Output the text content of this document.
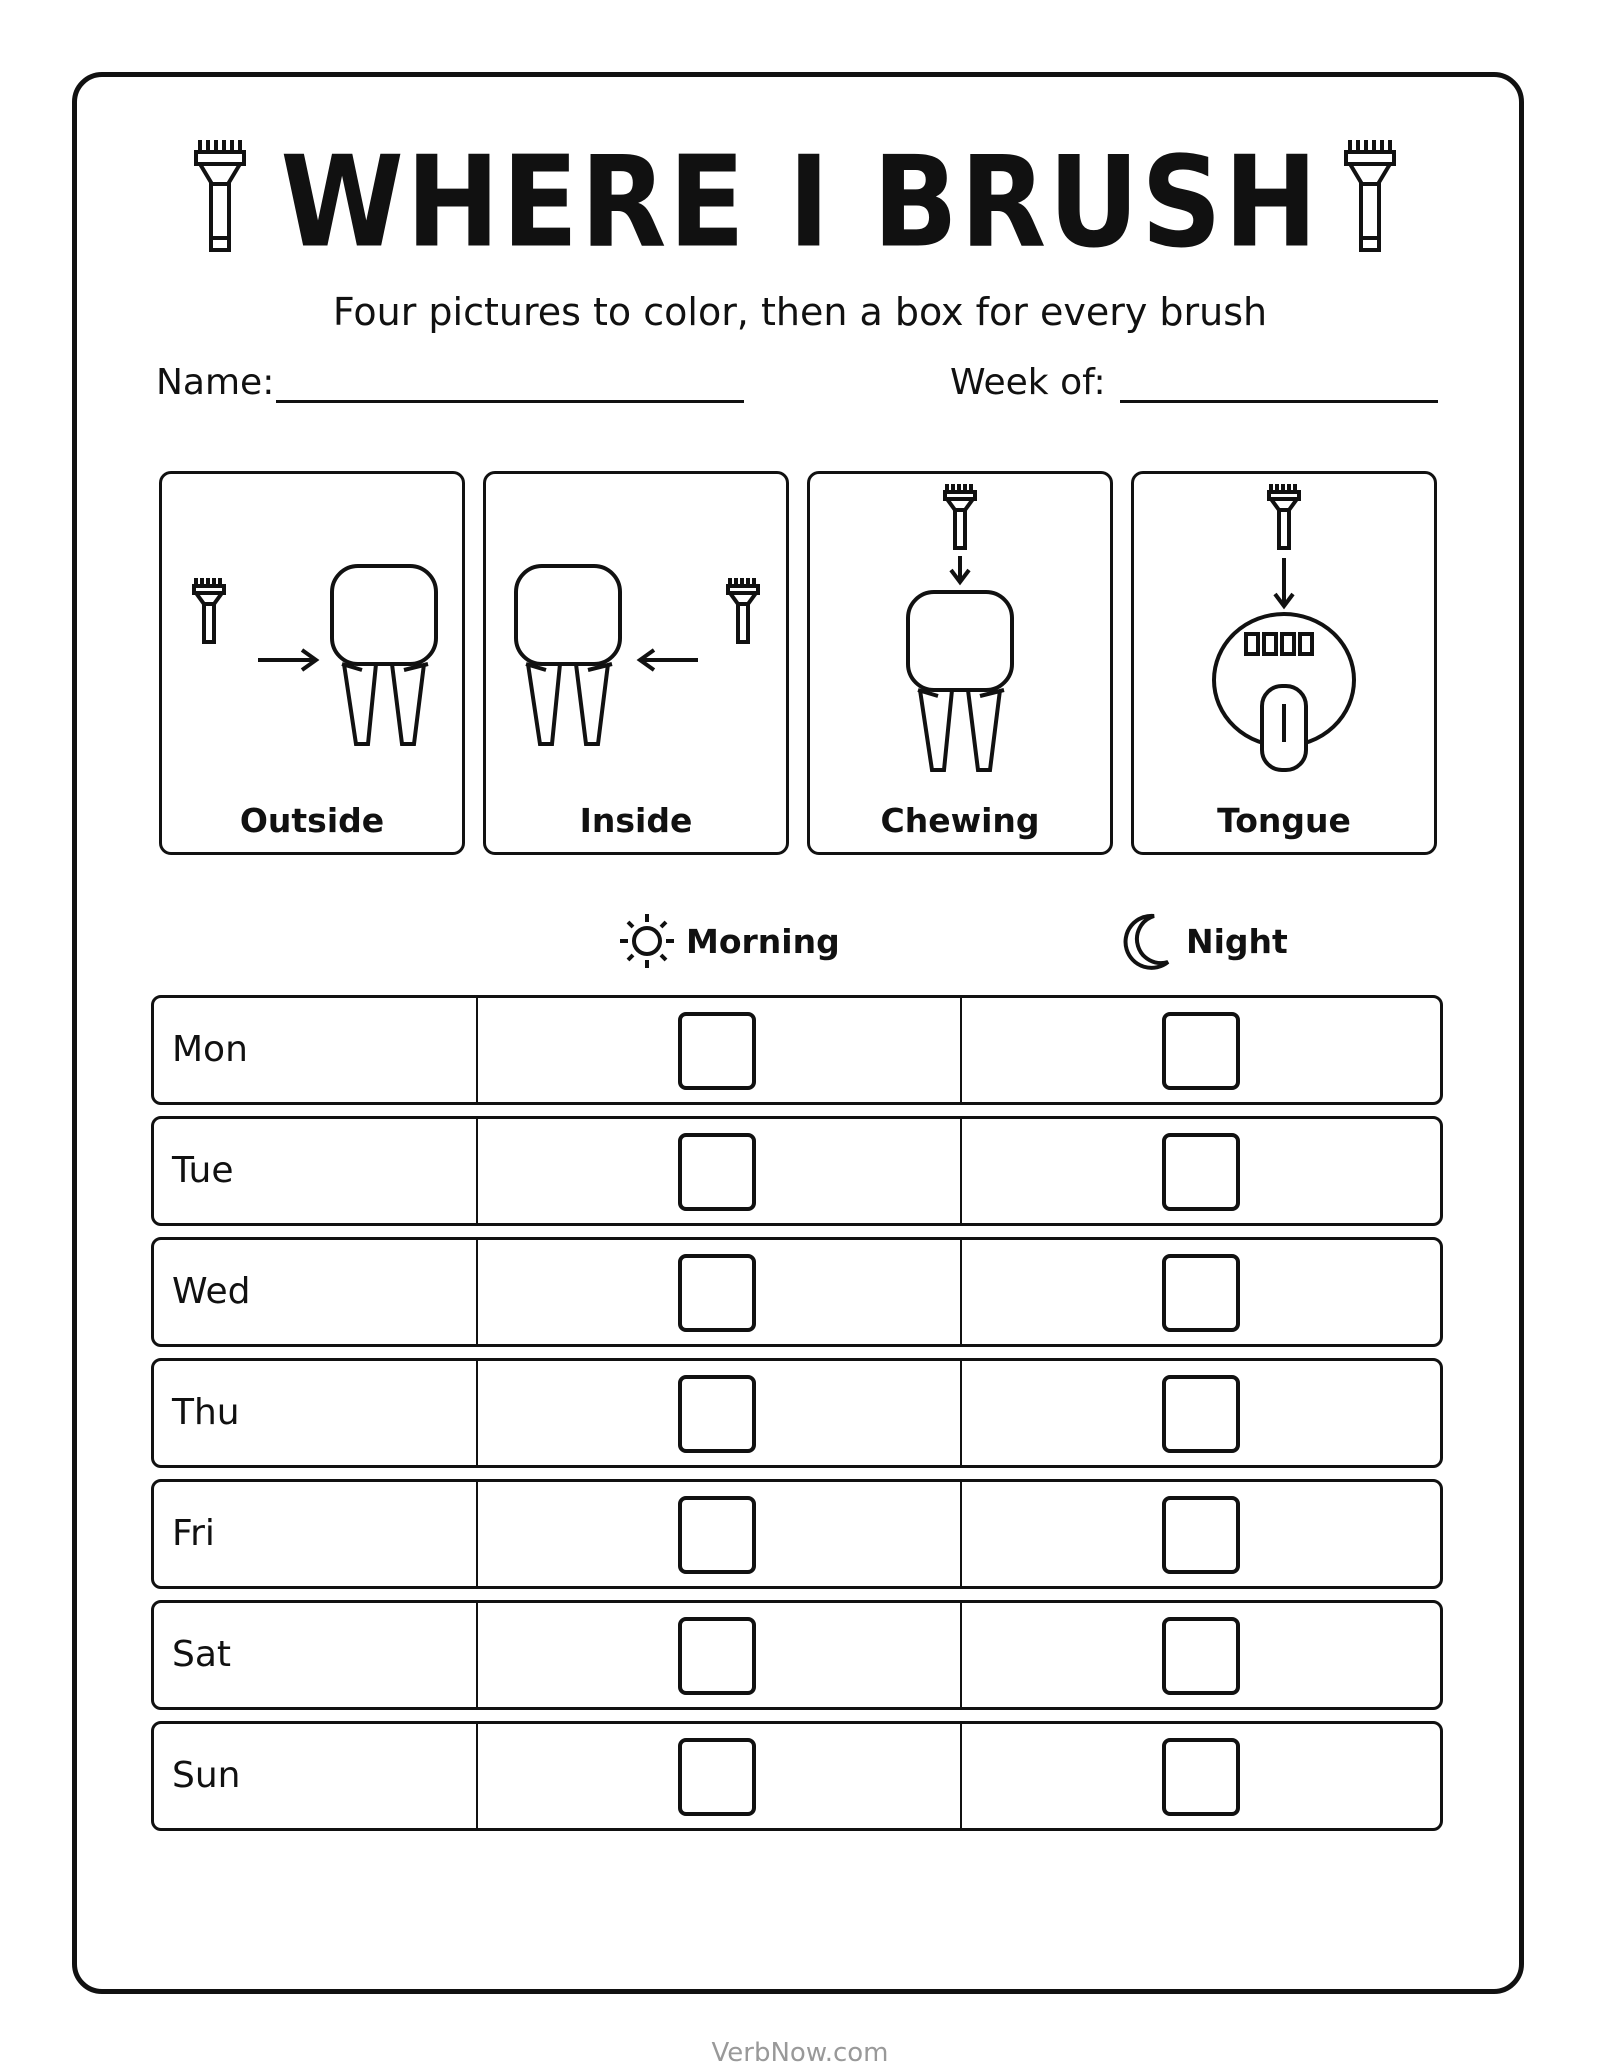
WHERE I BRUSH
Four pictures to color, then a box for every brush
Name:	Week of:
Outside	Inside	Chewing	Tongue
Morning	Night
Mon
Tue
Wed
Thu
Fri
Sat
Sun
VerbNow.com
